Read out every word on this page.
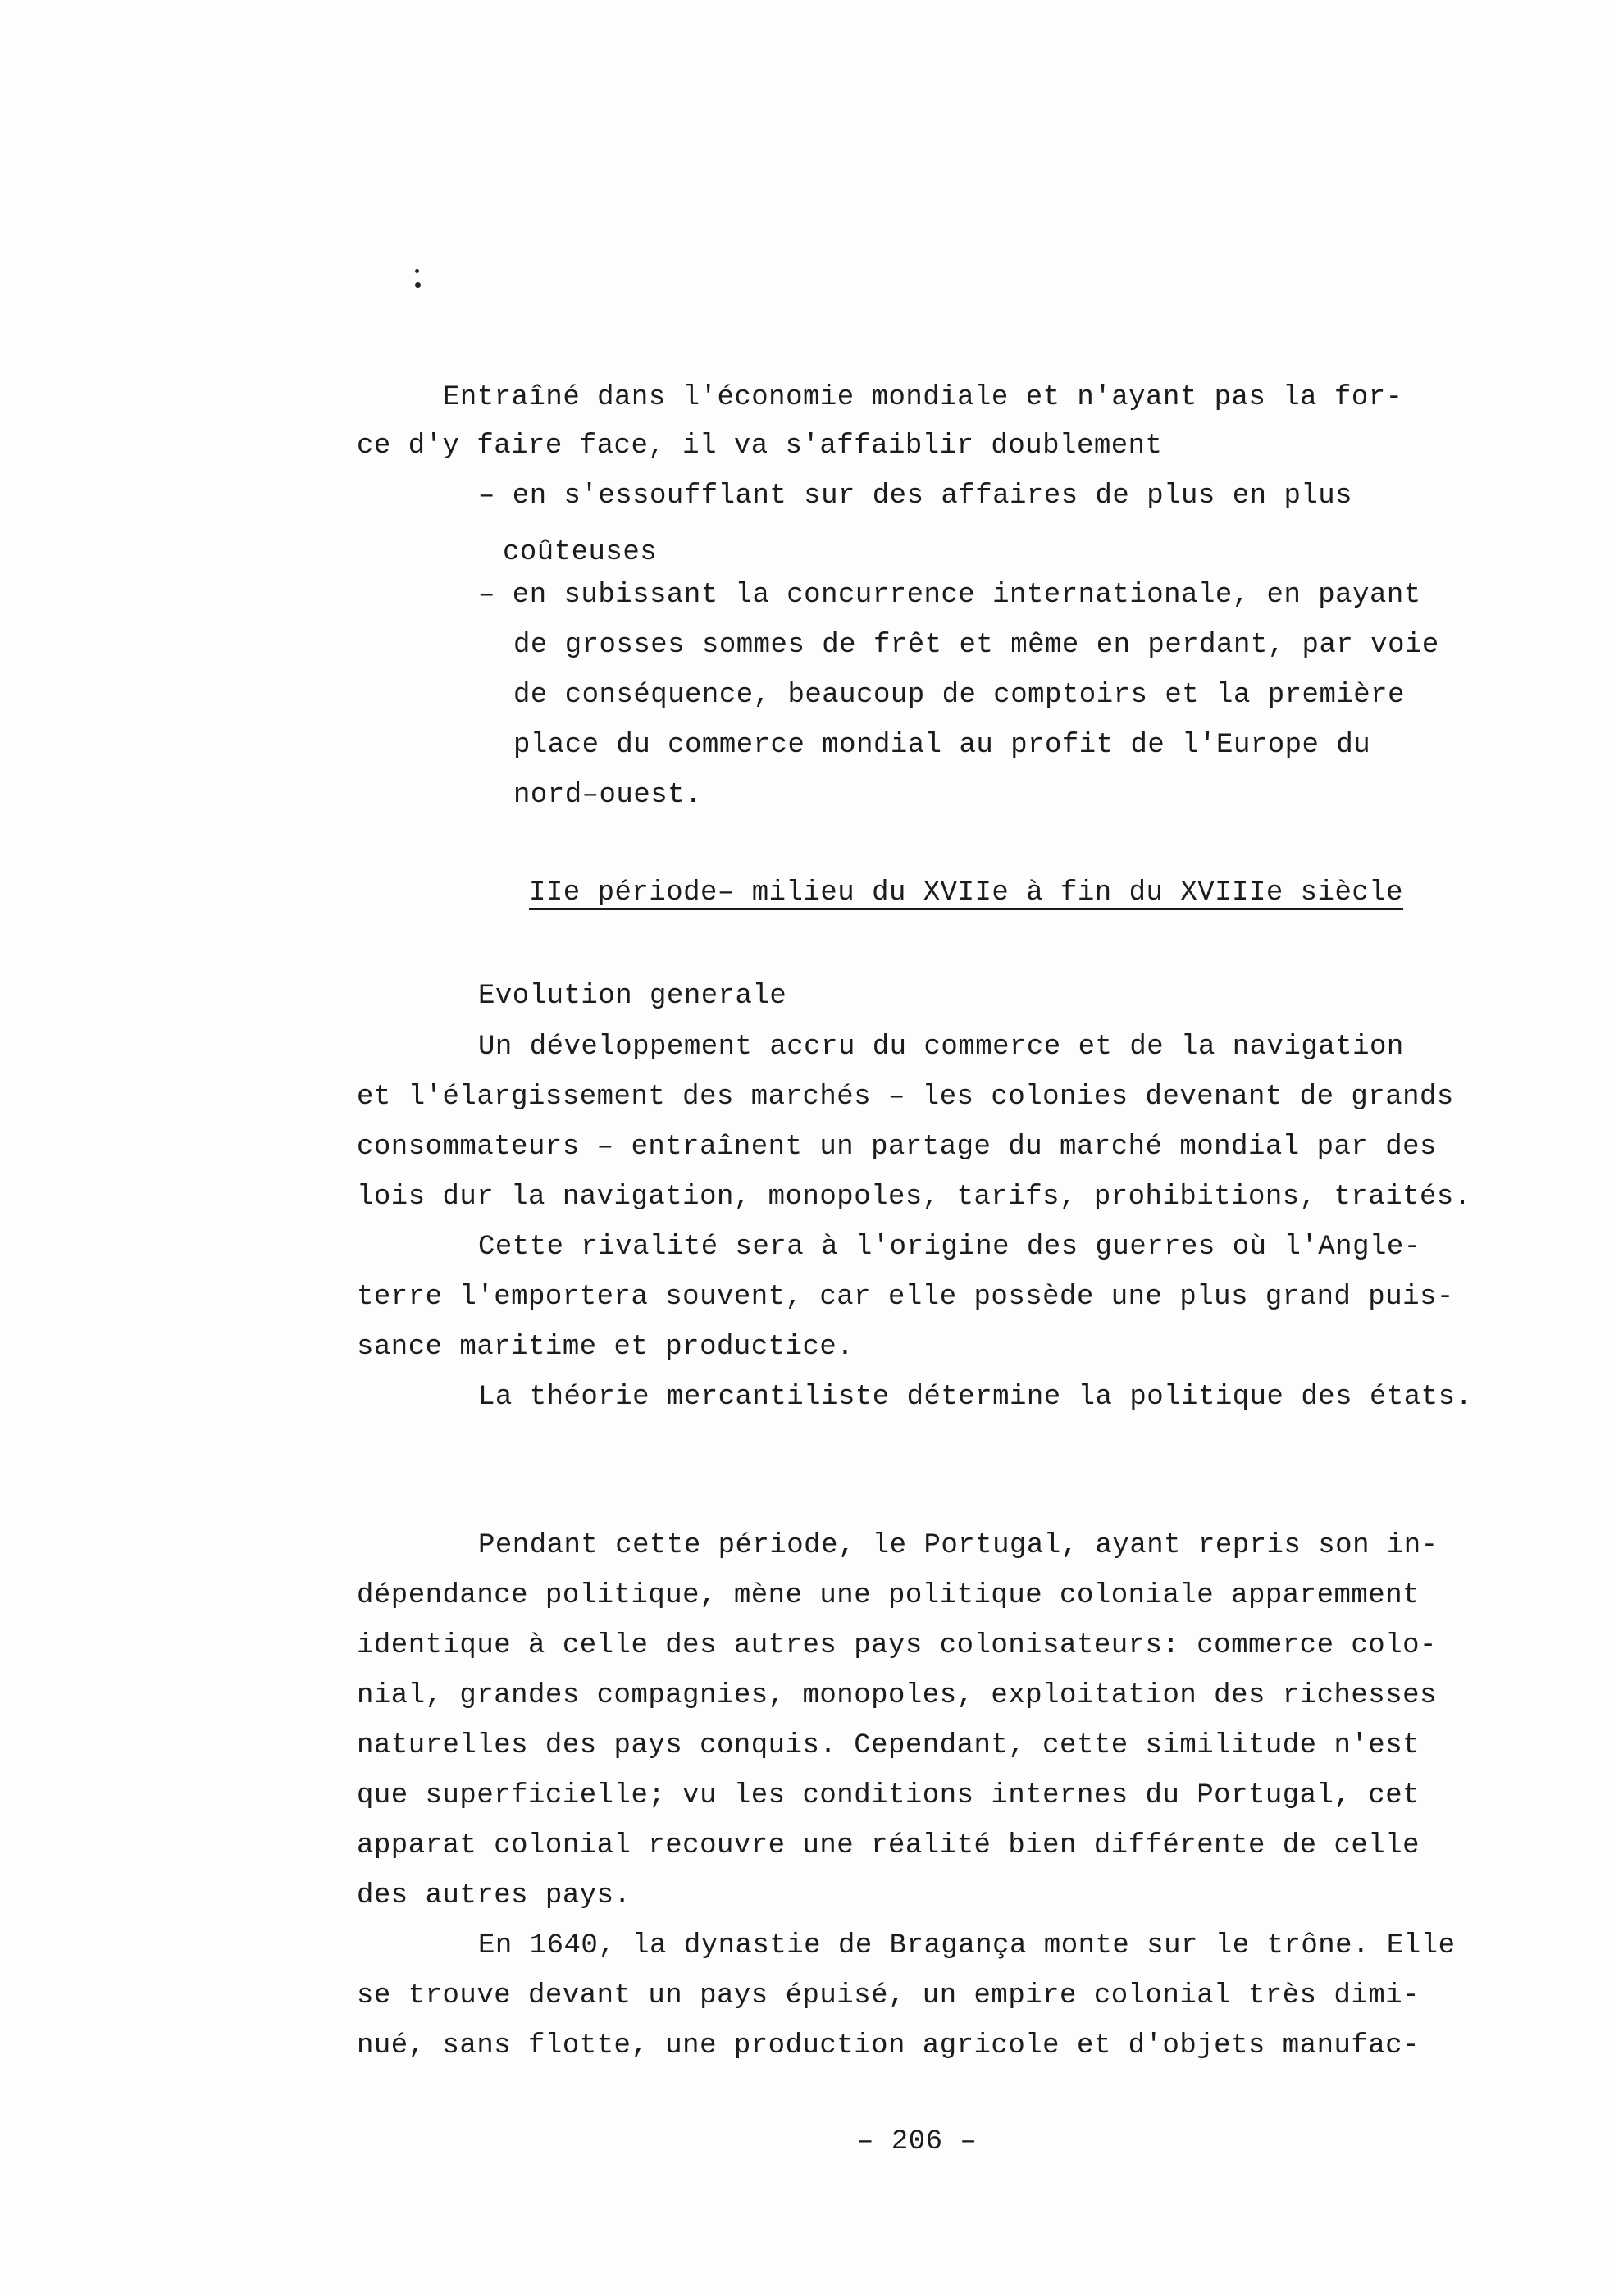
Entraîné dans l'économie mondiale et n'ayant pas la for-
ce d'y faire face, il va s'affaiblir doublement
– en s'essoufflant sur des affaires de plus en plus
coûteuses
– en subissant la concurrence internationale, en payant
de grosses sommes de frêt et même en perdant, par voie
de conséquence, beaucoup de comptoirs et la première
place du commerce mondial au profit de l'Europe du
nord–ouest.
IIe période– milieu du XVIIe à fin du XVIIIe siècle
Evolution generale
Un développement accru du commerce et de la navigation
et l'élargissement des marchés – les colonies devenant de grands
consommateurs – entraînent un partage du marché mondial par des
lois dur la navigation, monopoles, tarifs, prohibitions, traités.
Cette rivalité sera à l'origine des guerres où l'Angle-
terre l'emportera souvent, car elle possède une plus grand puis-
sance maritime et productice.
La théorie mercantiliste détermine la politique des états.
Pendant cette période, le Portugal, ayant repris son in-
dépendance politique, mène une politique coloniale apparemment
identique à celle des autres pays colonisateurs: commerce colo-
nial, grandes compagnies, monopoles, exploitation des richesses
naturelles des pays conquis. Cependant, cette similitude n'est
que superficielle; vu les conditions internes du Portugal, cet
apparat colonial recouvre une réalité bien différente de celle
des autres pays.
En 1640, la dynastie de Bragança monte sur le trône. Elle
se trouve devant un pays épuisé, un empire colonial très dimi-
nué, sans flotte, une production agricole et d'objets manufac-
– 206 –
